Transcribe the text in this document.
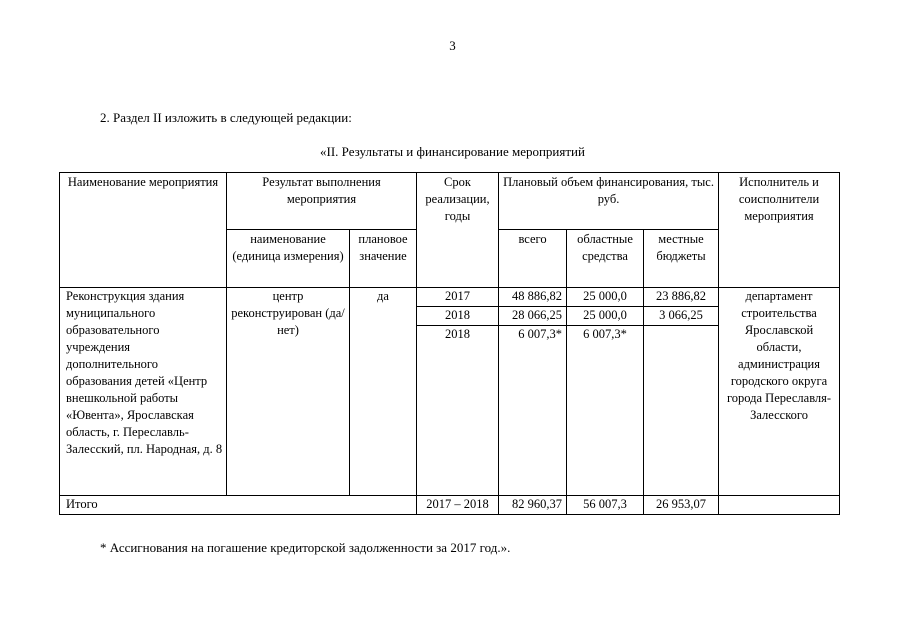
3
2. Раздел II изложить в следующей редакции:
«II. Результаты и финансирование мероприятий
Наименование мероприятия	Результат выполнения мероприятия		Срок реализации, годы	Плановый объем финансирования, тыс. руб.			Исполнитель и соисполнители мероприятия
	наименование (единица измерения)	плановое значение		всего	областные средства	местные бюджеты	
Реконструкция здания муниципального образовательного учреждения дополнительного образования детей «Центр внешкольной работы «Ювента», Ярославская область, г. Переславль-Залесский, пл. Народная, д. 8	центр реконструирован (да/нет)	да	2017	48 886,82	25 000,0	23 886,82	департамент строительства Ярославской области, администрация городского округа города Переславля-Залесского
			2018	28 066,25	25 000,0	3 066,25	
			2018	6 007,3*	6 007,3*		
Итого			2017 – 2018	82 960,37	56 007,3	26 953,07	
* Ассигнования на погашение кредиторской задолженности за 2017 год.».
